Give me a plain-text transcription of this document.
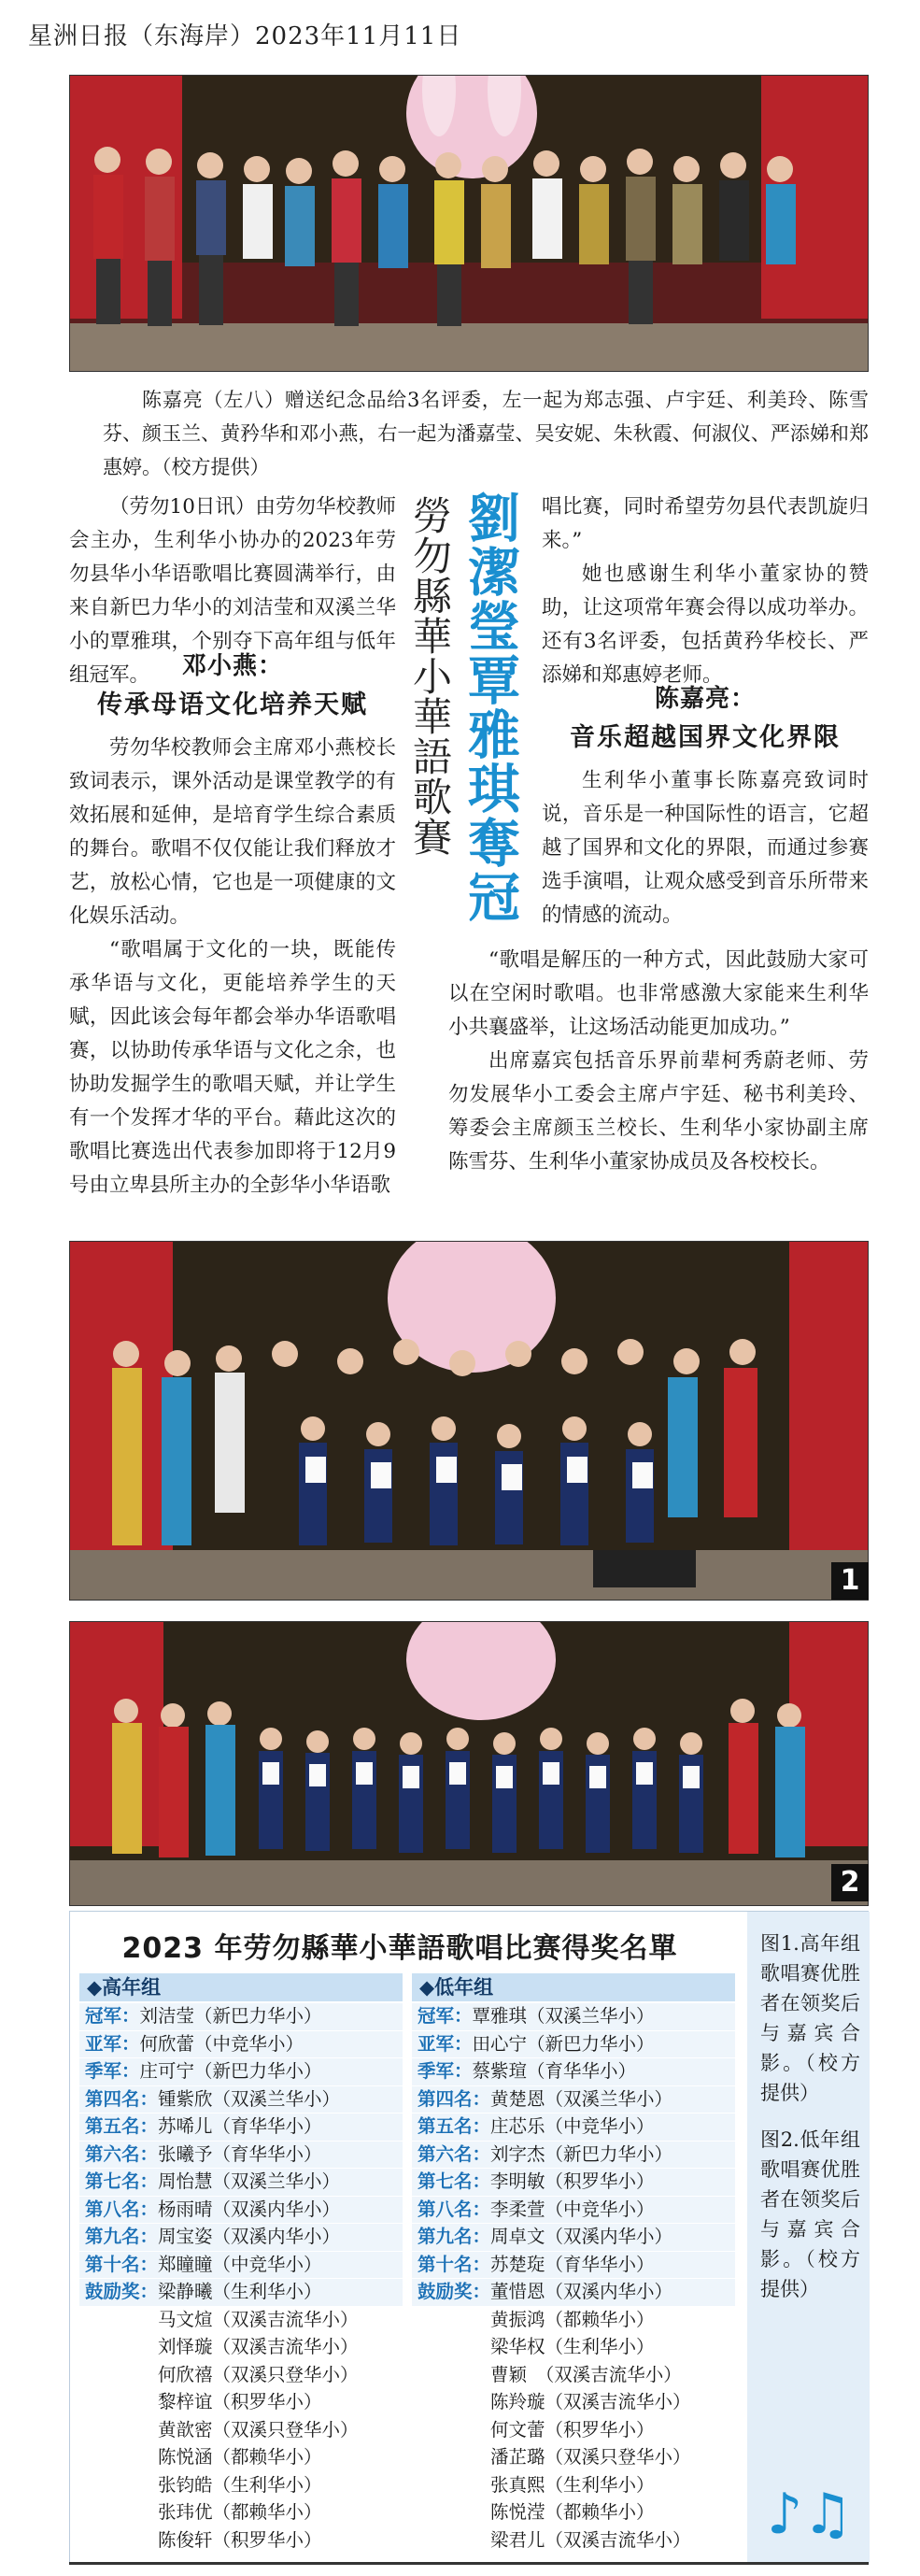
星洲日报（东海岸）2023年11月11日
陈嘉亮（左八）赠送纪念品给3名评委，左一起为郑志强、卢宇廷、利美玲、陈雪芬、颜玉兰、黄矜华和邓小燕，右一起为潘嘉莹、吴安妮、朱秋霞、何淑仪、严添娣和郑惠婷。（校方提供）

（劳勿10日讯）由劳勿华校教师会主办，生利华小协办的2023年劳勿县华小华语歌唱比赛圆满举行，由来自新巴力华小的刘洁莹和双溪兰华小的覃雅琪，个别夺下高年组与低年组冠军。	邓小燕：
传承母语文化培养天赋

劳勿华校教师会主席邓小燕校长致词表示，课外活动是课堂教学的有效拓展和延伸，是培育学生综合素质的舞台。歌唱不仅仅能让我们释放才艺，放松心情，它也是一项健康的文化娱乐活动。

“歌唱属于文化的一块，既能传承华语与文化，更能培养学生的天赋，因此该会每年都会举办华语歌唱赛，以协助传承华语与文化之余，也协助发掘学生的歌唱天赋，并让学生有一个发挥才华的平台。藉此这次的歌唱比赛选出代表参加即将于12月9号由立卑县所主办的全彭华小华语歌

劉潔瑩覃雅琪奪冠
勞勿縣華小華語歌賽	唱比赛，同时希望劳勿县代表凯旋归来。”

她也感谢生利华小董家协的赞助，让这项常年赛会得以成功举办。还有3名评委，包括黄矜华校长、严添娣和郑惠婷老师。

陈嘉亮：
音乐超越国界文化界限

生利华小董事长陈嘉亮致词时说，音乐是一种国际性的语言，它超越了国界和文化的界限，而通过参赛选手演唱，让观众感受到音乐所带来的情感的流动。

“歌唱是解压的一种方式，因此鼓励大家可以在空闲时歌唱。也非常感激大家能来生利华小共襄盛举，让这场活动能更加成功。”

出席嘉宾包括音乐界前辈柯秀蔚老师、劳勿发展华小工委会主席卢宇廷、秘书利美玲、筹委会主席颜玉兰校长、生利华小家协副主席陈雪芬、生利华小董家协成员及各校校长。

1
2
2023 年劳勿縣華小華語歌唱比赛得奖名單
◆高年组
冠军：刘洁莹（新巴力华小）
亚军：何欣蕾（中竞华小）
季军：庄可宁（新巴力华小）
第四名：锺紫欣（双溪兰华小）
第五名：苏唏儿（育华华小）
第六名：张曦予（育华华小）
第七名：周怡慧（双溪兰华小）
第八名：杨雨晴（双溪内华小）
第九名：周宝姿（双溪内华小）
第十名：郑瞳瞳（中竞华小）
鼓励奖：梁静曦（生利华小）
马文煊（双溪吉流华小）
刘怿璇（双溪吉流华小）
何欣禧（双溪只登华小）
黎梓谊（积罗华小）
黄歆密（双溪只登华小）
陈悦涵（都赖华小）
张钧皓（生利华小）
张玮优（都赖华小）
陈俊轩（积罗华小）
◆低年组
冠军：覃雅琪（双溪兰华小）
亚军：田心宁（新巴力华小）
季军：蔡紫瑄（育华华小）
第四名：黄楚恩（双溪兰华小）
第五名：庄芯乐（中竞华小）
第六名：刘字杰（新巴力华小）
第七名：李明敏（积罗华小）
第八名：李柔萱（中竞华小）
第九名：周卓文（双溪内华小）
第十名：苏楚琁（育华华小）
鼓励奖：董惜恩（双溪内华小）
黄振鸿（都赖华小）
梁华权（生利华小）
曹颖　（双溪吉流华小）
陈羚璇（双溪吉流华小）
何文蕾（积罗华小）
潘芷璐（双溪只登华小）
张真熙（生利华小）
陈悦滢（都赖华小）
梁君儿（双溪吉流华小）
图1.高年组歌唱赛优胜者在领奖后与嘉宾合影。（校方提供）
图2.低年组歌唱赛优胜者在领奖后与嘉宾合影。（校方提供）
♪♫
